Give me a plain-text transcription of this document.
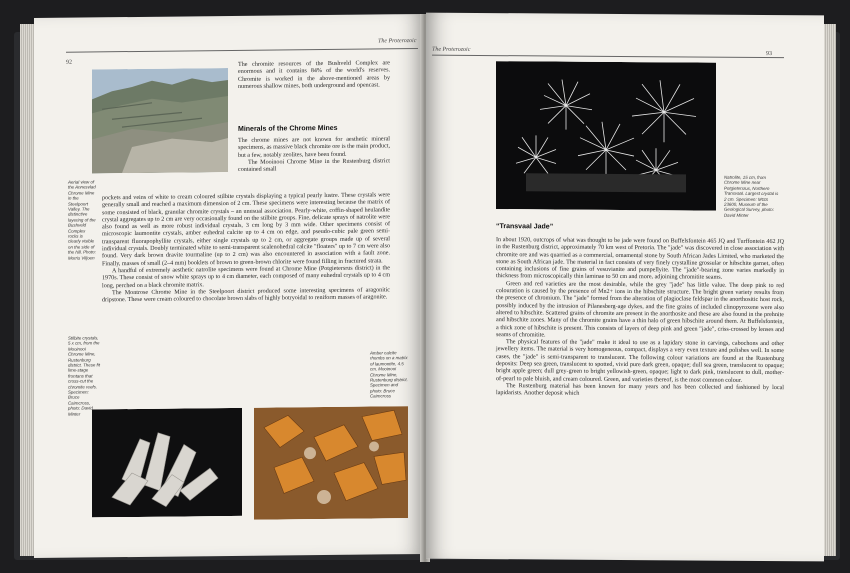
92
The Proterozoic
Aerial view of the Annesvlad Chrome Mine in the Steelpoort Valley. The distinctive layering of the Bushveld Complex rocks is clearly visible on the side of the hill. Photo: Morris Viljoen

The chromite resources of the Bushveld Complex are enormous and it contains 84% of the world's reserves. Chromite is worked in the above-mentioned areas by numerous shallow mines, both underground and opencast.

Minerals of the Chrome Mines

The chrome mines are not known for aesthetic mineral specimens, as massive black chromite ore is the main product, but a few, notably zeolites, have been found.

The Mooinooi Chrome Mine in the Rustenburg district contained small

pockets and veins of white to cream coloured stilbite crystals displaying a typical pearly lustre. These crystals were generally small and reached a maximum dimension of 2 cm. These specimens were interesting because the matrix of some consisted of black, granular chromite crystals – an unusual association. Pearly-white, coffin-shaped heulandite crystal aggregates up to 2 cm are very occasionally found on the stilbite groups. Fine, delicate sprays of natrolite were also found as well as more robust individual crystals, 3 cm long by 3 mm wide. Other specimens consist of microscopic laumontite crystals, amber euhedral calcite up to 4 cm on edge, and pseudo-cubic pale green semi-transparent fluorapophyllite crystals, either single crystals up to 2 cm, or aggregate groups made up of several individual crystals. Doubly terminated white to semi-transparent scalenohedral calcite "floaters" up to 7 cm were also found. Very dark brown dravite tourmaline (up to 2 cm) was also encountered in association with a fault zone. Finally, masses of small (2–4 mm) booklets of brown to green-brown chlorite were found filling in fractured strata.

A handful of extremely aesthetic natrolite specimens were found at Chrome Mine (Potgietersrus district) in the 1970s. These consist of snow white sprays up to 4 cm diameter, each composed of many euhedral crystals up to 4 cm long, perched on a black chromite matrix.

The Montrose Chrome Mine in the Steelpoort district produced some interesting specimens of aragonitic dripstone. These were cream coloured to chocolate brown slabs of highly botryoidal to reniform masses of aragonite.

Stilbite crystals, 5 x cm, from the Mooinooi Chrome Mine, Rustenburg district. These fit lime-stage frontans that cross-cut the chromite reefs. Specimen: Bruce Cairncross, photo: David Minter
Amber calcite rhombs on a matrix of laumontite, 4.5 cm. Mooinooi Chrome Mine, Rustenburg district. Specimen and photo: Bruce Cairncross
The Proterozoic
93
Natrolite, 15 cm, from Chrome Mine near Potgietersrus, Northern Transvaal. Largest crystal is 2 cm. Specimen: MGS 23600, Museum of the Geological Survey, photo: David Minter
“Transvaal Jade”

In about 1920, outcrops of what was thought to be jade were found on Buffelsfontein 465 JQ and Turffontein 462 JQ in the Rustenburg district, approximately 70 km west of Pretoria. The "jade" was discovered in close association with chromite ore and was quarried as a commercial, ornamental stone by South African Jades Limited, who marketed the stone as South African jade. The material in fact consists of very finely crystalline grossular or hibschite garnet, often containing inclusions of fine grains of vesuvianite and pumpellyite. The "jade"-bearing zone varies markedly in thickness from microscopically thin laminae to 50 cm and more, adjoining chromitite seams.

Green and red varieties are the most desirable, while the grey "jade" has little value. The deep pink to red colouration is caused by the presence of Mn2+ ions in the hibschite structure. The bright green variety results from the presence of chromium. The "jade" formed from the alteration of plagioclase feldspar in the anorthositic host rock, possibly induced by the intrusion of Pilanesberg-age dykes, and the fine grains of included clinopyroxene were also altered to hibschite. Scattered grains of chromite are present in the anorthosite and these are also found in the prehnite and hibschite zones. Many of the chromite grains have a thin halo of green hibschite around them. At Buffelsfontein, a thick zone of hibschite is present. This consists of layers of deep pink and green "jade", criss-crossed by lenses and seams of chromitite.

The physical features of the "jade" make it ideal to use as a lapidary stone in carvings, cabochons and other jewellery items. The material is very homogeneous, compact, displays a very even texture and polishes well. In some cases, the "jade" is semi-transparent to translucent. The following colour variations are found at the Rustenburg deposits: Deep sea green, translucent to spotted, vivid pure dark green, opaque; dull sea green, translucent to opaque; bright apple green; dull grey-green to bright yellowish-green, opaque; light to dark pink, translucent to dull, mother-of-pearl to pale bluish, and cream coloured. Green, and varieties thereof, is the most common colour.

The Rustenburg material has been known for many years and has been collected and fashioned by local lapidarists. Another deposit which
